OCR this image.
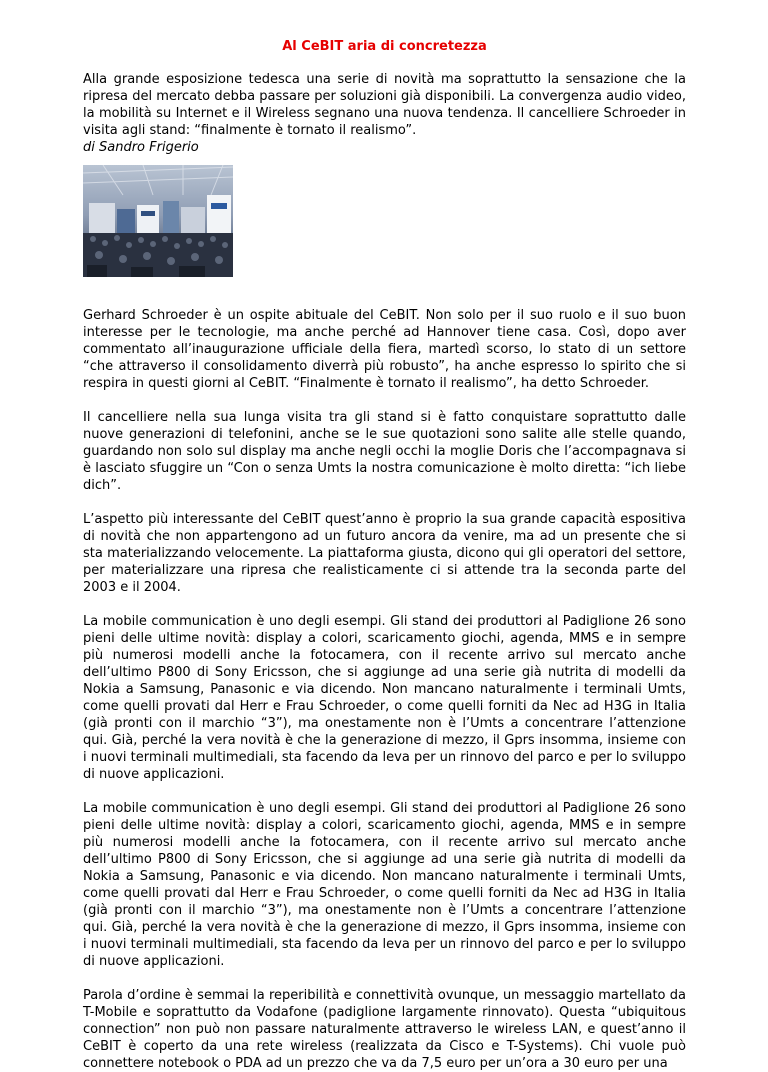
Al CeBIT aria di concretezza

Alla grande esposizione tedesca una serie di novità ma soprattutto la sensazione che la ripresa del mercato debba passare per soluzioni già disponibili. La convergenza audio video, la mobilità su Internet e il Wireless segnano una nuova tendenza. Il cancelliere Schroeder in visita agli stand: “finalmente è tornato il realismo”.

di Sandro Frigerio

Gerhard Schroeder è un ospite abituale del CeBIT. Non solo per il suo ruolo e il suo buon interesse per le tecnologie, ma anche perché ad Hannover tiene casa. Così, dopo aver commentato all’inaugurazione ufficiale della fiera, martedì scorso, lo stato di un settore “che attraverso il consolidamento diverrà più robusto”, ha anche espresso lo spirito che si respira in questi giorni al CeBIT. “Finalmente è tornato il realismo”, ha detto Schroeder.

Il cancelliere nella sua lunga visita tra gli stand si è fatto conquistare soprattutto dalle nuove generazioni di telefonini, anche se le sue quotazioni sono salite alle stelle quando, guardando non solo sul display ma anche negli occhi la moglie Doris che l’accompagnava si è lasciato sfuggire un “Con o senza Umts la nostra comunicazione è molto diretta: “ich liebe dich”.

L’aspetto più interessante del CeBIT quest’anno è proprio la sua grande capacità espositiva di novità che non appartengono ad un futuro ancora da venire, ma ad un presente che si sta materializzando velocemente. La piattaforma giusta, dicono qui gli operatori del settore, per materializzare una ripresa che realisticamente ci si attende tra la seconda parte del 2003 e il 2004.

La mobile communication è uno degli esempi. Gli stand dei produttori al Padiglione 26 sono pieni delle ultime novità: display a colori, scaricamento giochi, agenda, MMS e in sempre più numerosi modelli anche la fotocamera, con il recente arrivo sul mercato anche dell’ultimo P800 di Sony Ericsson, che si aggiunge ad una serie già nutrita di modelli da Nokia a Samsung, Panasonic e via dicendo. Non mancano naturalmente i terminali Umts, come quelli provati dal Herr e Frau Schroeder, o come quelli forniti da Nec ad H3G in Italia (già pronti con il marchio “3”), ma onestamente non è l’Umts a concentrare l’attenzione qui. Già, perché la vera novità è che la generazione di mezzo, il Gprs insomma, insieme con i nuovi terminali multimediali, sta facendo da leva per un rinnovo del parco e per lo sviluppo di nuove applicazioni.

La mobile communication è uno degli esempi. Gli stand dei produttori al Padiglione 26 sono pieni delle ultime novità: display a colori, scaricamento giochi, agenda, MMS e in sempre più numerosi modelli anche la fotocamera, con il recente arrivo sul mercato anche dell’ultimo P800 di Sony Ericsson, che si aggiunge ad una serie già nutrita di modelli da Nokia a Samsung, Panasonic e via dicendo. Non mancano naturalmente i terminali Umts, come quelli provati dal Herr e Frau Schroeder, o come quelli forniti da Nec ad H3G in Italia (già pronti con il marchio “3”), ma onestamente non è l’Umts a concentrare l’attenzione qui. Già, perché la vera novità è che la generazione di mezzo, il Gprs insomma, insieme con i nuovi terminali multimediali, sta facendo da leva per un rinnovo del parco e per lo sviluppo di nuove applicazioni.

Parola d’ordine è semmai la reperibilità e connettività ovunque, un messaggio martellato da T-Mobile e soprattutto da Vodafone (padiglione largamente rinnovato). Questa “ubiquitous connection” non può non passare naturalmente attraverso le wireless LAN, e quest’anno il CeBIT è coperto da una rete wireless (realizzata da Cisco e T-Systems). Chi vuole può connettere notebook o PDA ad un prezzo che va da 7,5 euro per un’ora a 30 euro per una
